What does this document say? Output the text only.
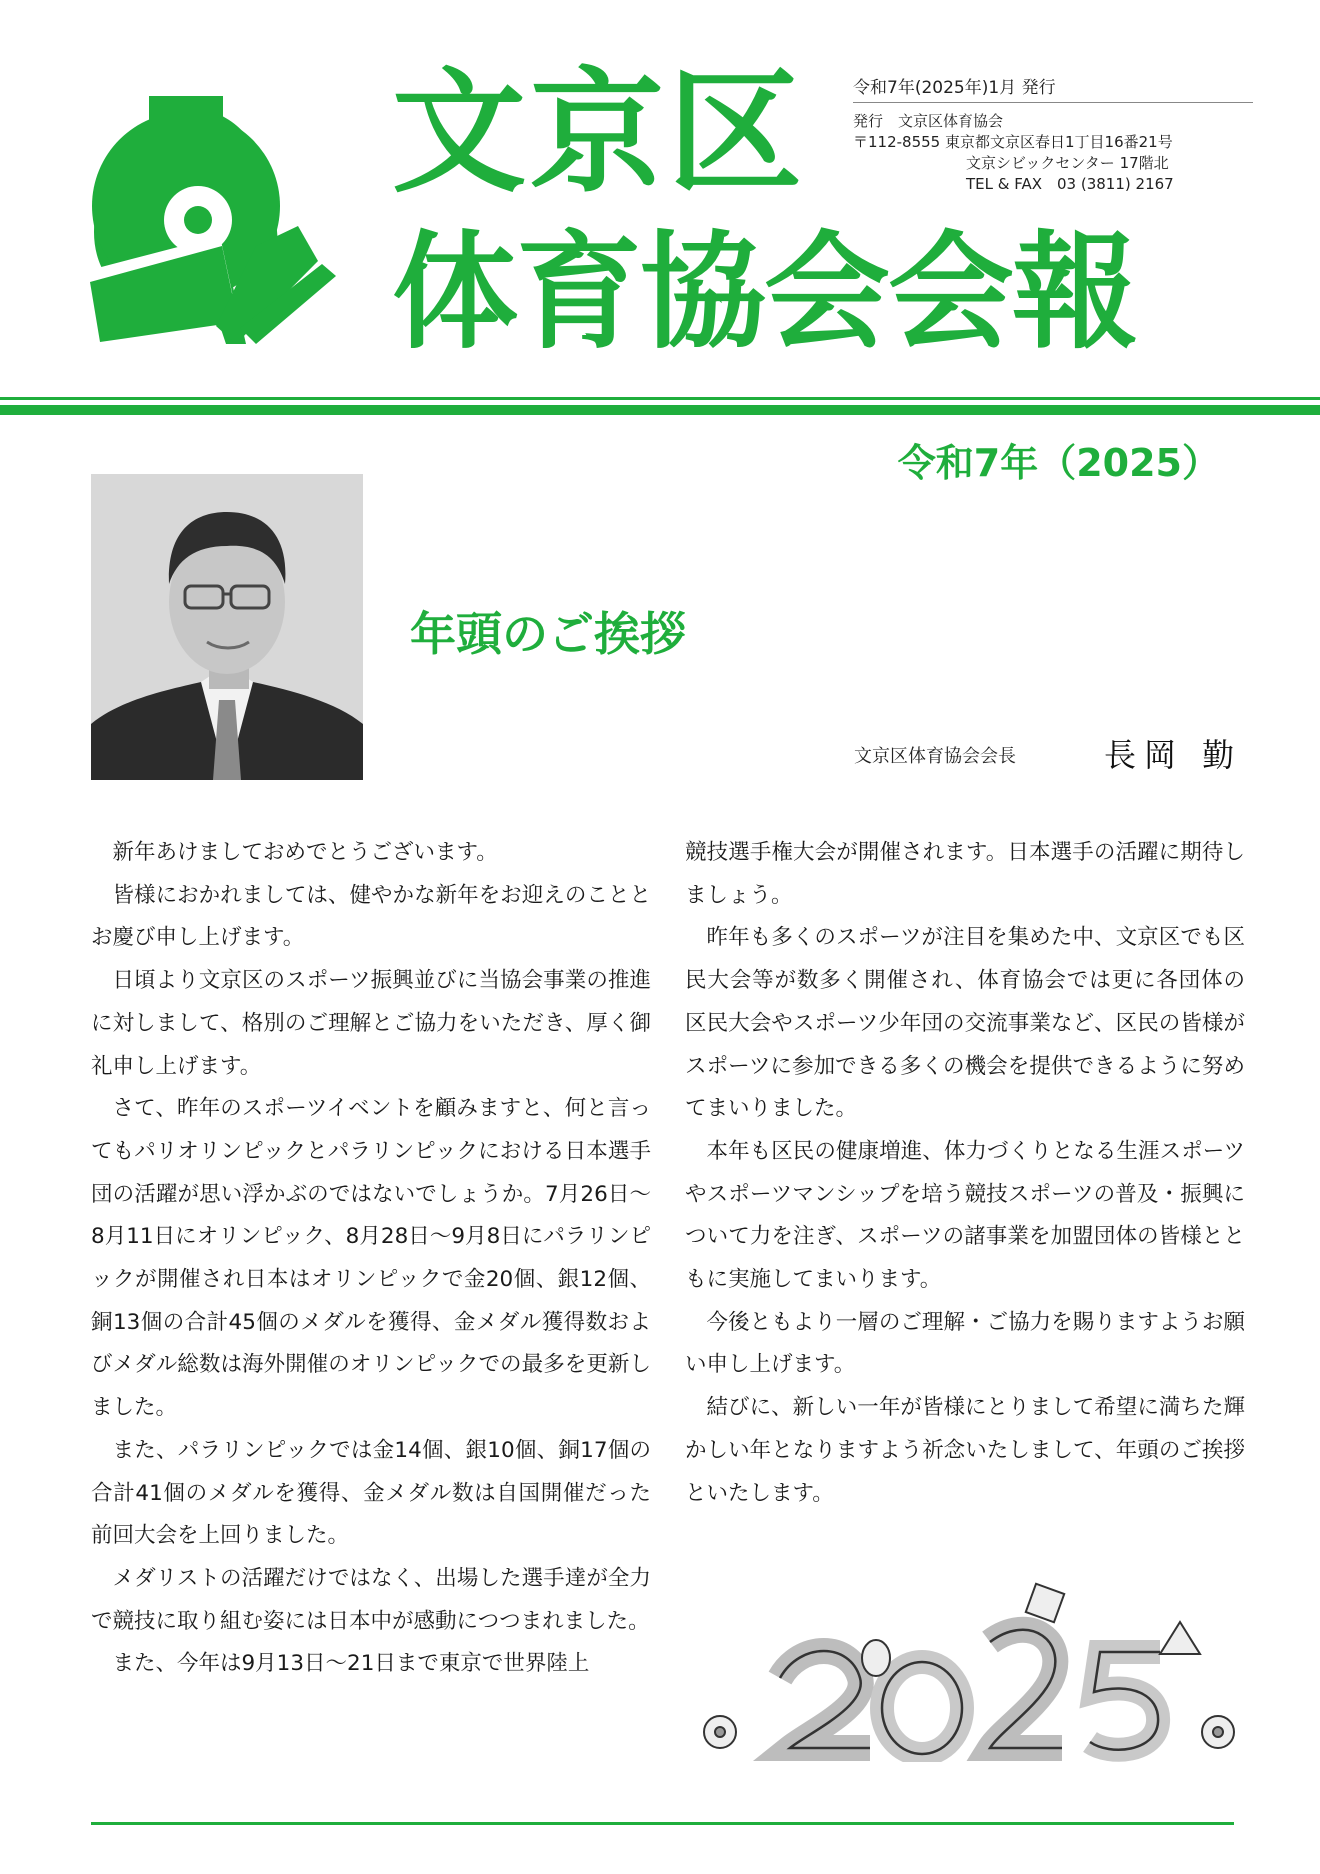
文京区
体育協会会報
令和7年(2025年)1月 発行
発行　文京区体育協会
〒112-8555 東京都文京区春日1丁目16番21号
文京シビックセンター 17階北
TEL & FAX　03 (3811) 2167
令和7年（2025）
年頭のご挨拶
文京区体育協会会長	長岡 勤

新年あけましておめでとうございます。

皆様におかれましては、健やかな新年をお迎えのこととお慶び申し上げます。

日頃より文京区のスポーツ振興並びに当協会事業の推進に対しまして、格別のご理解とご協力をいただき、厚く御礼申し上げます。

さて、昨年のスポーツイベントを顧みますと、何と言ってもパリオリンピックとパラリンピックにおける日本選手団の活躍が思い浮かぶのではないでしょうか。7月26日～8月11日にオリンピック、8月28日～9月8日にパラリンピックが開催され日本はオリンピックで金20個、銀12個、銅13個の合計45個のメダルを獲得、金メダル獲得数およびメダル総数は海外開催のオリンピックでの最多を更新しました。

また、パラリンピックでは金14個、銀10個、銅17個の合計41個のメダルを獲得、金メダル数は自国開催だった前回大会を上回りました。

メダリストの活躍だけではなく、出場した選手達が全力で競技に取り組む姿には日本中が感動につつまれました。

また、今年は9月13日～21日まで東京で世界陸上

競技選手権大会が開催されます。日本選手の活躍に期待しましょう。

昨年も多くのスポーツが注目を集めた中、文京区でも区民大会等が数多く開催され、体育協会では更に各団体の区民大会やスポーツ少年団の交流事業など、区民の皆様がスポーツに参加できる多くの機会を提供できるように努めてまいりました。

本年も区民の健康増進、体力づくりとなる生涯スポーツやスポーツマンシップを培う競技スポーツの普及・振興について力を注ぎ、スポーツの諸事業を加盟団体の皆様とともに実施してまいります。

今後ともより一層のご理解・ご協力を賜りますようお願い申し上げます。

結びに、新しい一年が皆様にとりまして希望に満ちた輝かしい年となりますよう祈念いたしまして、年頭のご挨拶といたします。
